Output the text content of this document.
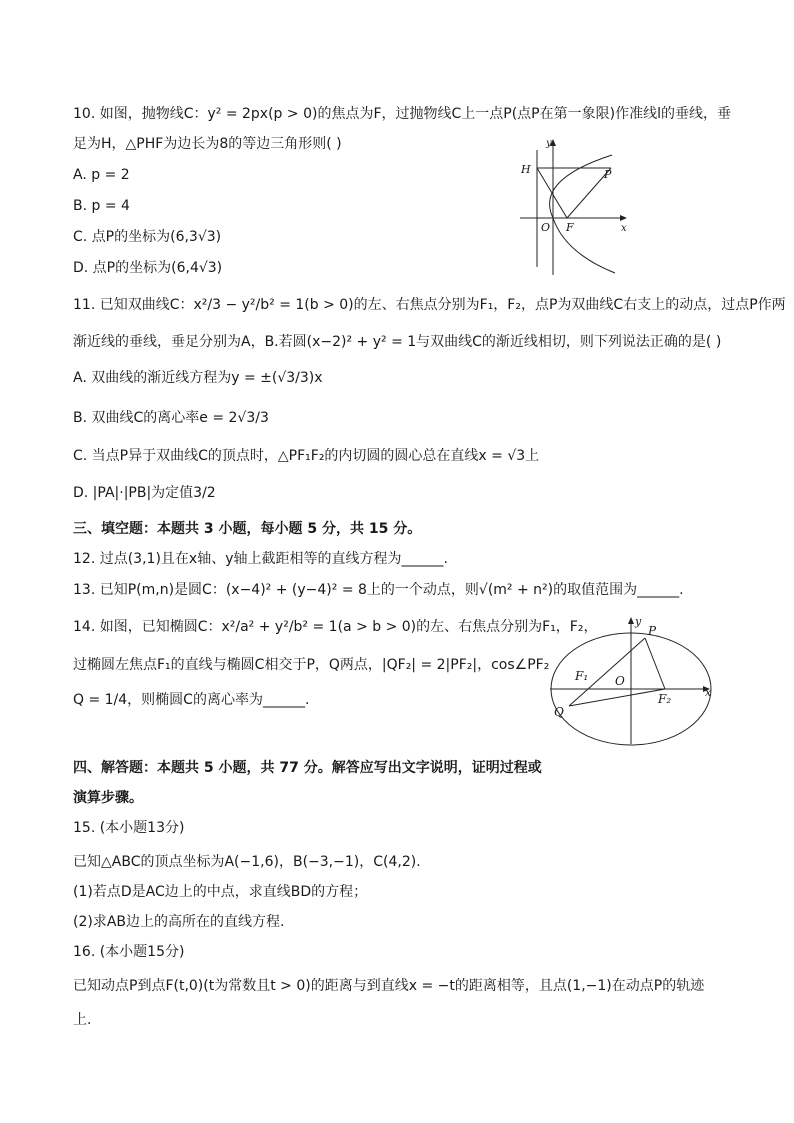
10. 如图，抛物线C：y² = 2px(p > 0)的焦点为F，过抛物线C上一点P(点P在第一象限)作准线l的垂线，垂
足为H，△PHF为边长为8的等边三角形则( )
A. p = 2
B. p = 4
C. 点P的坐标为(6,3√3)
D. 点P的坐标为(6,4√3)
y
x
H	P
O F
11. 已知双曲线C：x²/3 − y²/b² = 1(b > 0)的左、右焦点分别为F₁，F₂，点P为双曲线C右支上的动点，过点P作两
渐近线的垂线，垂足分别为A，B.若圆(x−2)² + y² = 1与双曲线C的渐近线相切，则下列说法正确的是( )
A. 双曲线的渐近线方程为y = ±(√3/3)x
B. 双曲线C的离心率e = 2√3/3
C. 当点P异于双曲线C的顶点时，△PF₁F₂的内切圆的圆心总在直线x = √3上
D. |PA|·|PB|为定值3/2
三、填空题：本题共 3 小题，每小题 5 分，共 15 分。
12. 过点(3,1)且在x轴、y轴上截距相等的直线方程为______.
13. 已知P(m,n)是圆C：(x−4)² + (y−4)² = 8上的一个动点，则√(m² + n²)的取值范围为______.
14. 如图，已知椭圆C：x²/a² + y²/b² = 1(a > b > 0)的左、右焦点分别为F₁，F₂，
过椭圆左焦点F₁的直线与椭圆C相交于P，Q两点，|QF₂| = 2|PF₂|，cos∠PF₂
Q = 1/4，则椭圆C的离心率为______.
y
x
P
F₁ O
F₂
Q
四、解答题：本题共 5 小题，共 77 分。解答应写出文字说明，证明过程或
演算步骤。
15. (本小题13分)
已知△ABC的顶点坐标为A(−1,6)，B(−3,−1)，C(4,2).
(1)若点D是AC边上的中点，求直线BD的方程；
(2)求AB边上的高所在的直线方程.
16. (本小题15分)
已知动点P到点F(t,0)(t为常数且t > 0)的距离与到直线x = −t的距离相等，且点(1,−1)在动点P的轨迹
上.
